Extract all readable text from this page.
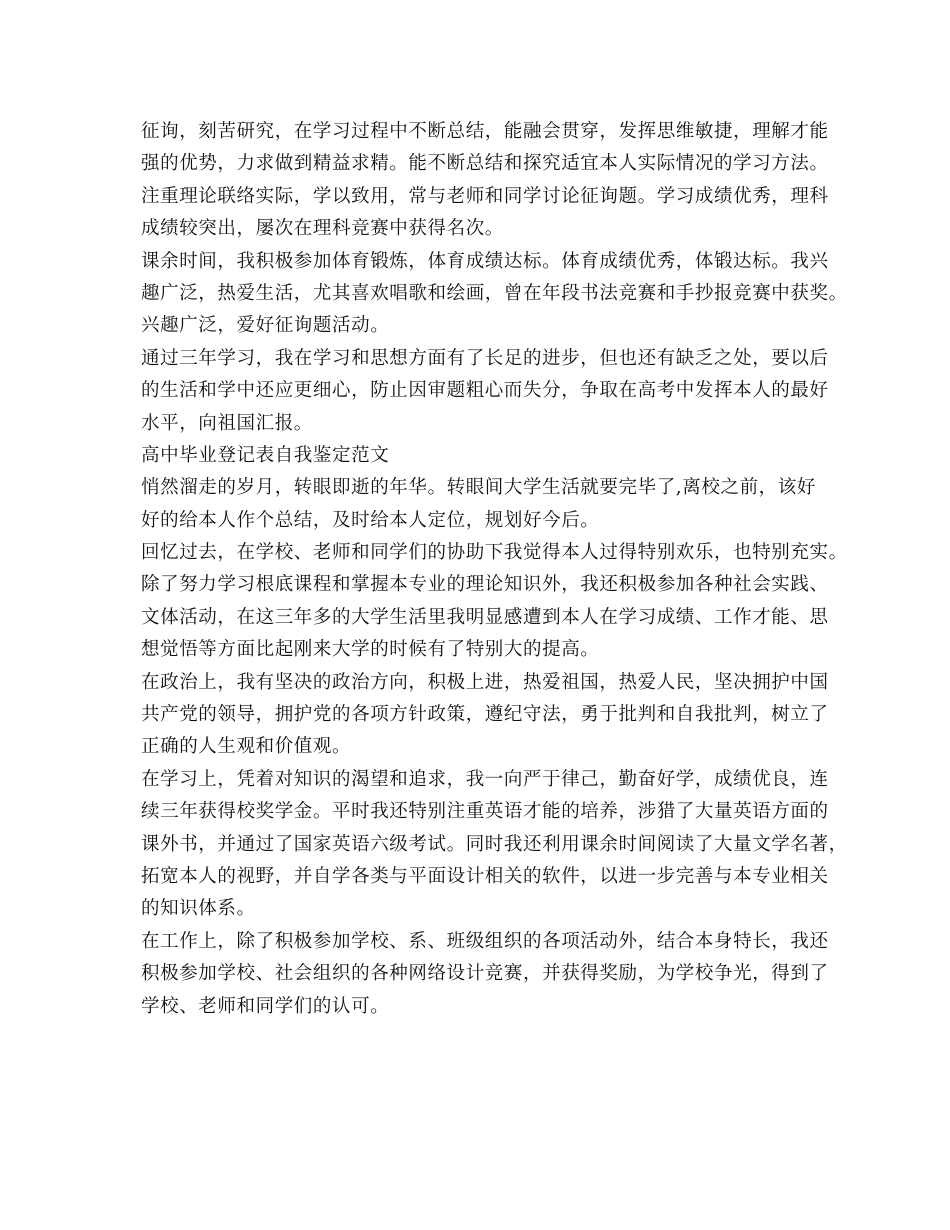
征询，刻苦研究，在学习过程中不断总结，能融会贯穿，发挥思维敏捷，理解才能
强的优势，力求做到精益求精。能不断总结和探究适宜本人实际情况的学习方法。
注重理论联络实际，学以致用，常与老师和同学讨论征询题。学习成绩优秀，理科
成绩较突出，屡次在理科竞赛中获得名次。
课余时间，我积极参加体育锻炼，体育成绩达标。体育成绩优秀，体锻达标。我兴
趣广泛，热爱生活，尤其喜欢唱歌和绘画，曾在年段书法竞赛和手抄报竞赛中获奖。
兴趣广泛，爱好征询题活动。
通过三年学习，我在学习和思想方面有了长足的进步，但也还有缺乏之处，要以后
的生活和学中还应更细心，防止因审题粗心而失分，争取在高考中发挥本人的最好
水平，向祖国汇报。
高中毕业登记表自我鉴定范文
悄然溜走的岁月，转眼即逝的年华。转眼间大学生活就要完毕了,离校之前，该好
好的给本人作个总结，及时给本人定位，规划好今后。
回忆过去，在学校、老师和同学们的协助下我觉得本人过得特别欢乐，也特别充实。
除了努力学习根底课程和掌握本专业的理论知识外，我还积极参加各种社会实践、
文体活动，在这三年多的大学生活里我明显感遭到本人在学习成绩、工作才能、思
想觉悟等方面比起刚来大学的时候有了特别大的提高。
在政治上，我有坚决的政治方向，积极上进，热爱祖国，热爱人民，坚决拥护中国
共产党的领导，拥护党的各项方针政策，遵纪守法，勇于批判和自我批判，树立了
正确的人生观和价值观。
在学习上，凭着对知识的渴望和追求，我一向严于律己，勤奋好学，成绩优良，连
续三年获得校奖学金。平时我还特别注重英语才能的培养，涉猎了大量英语方面的
课外书，并通过了国家英语六级考试。同时我还利用课余时间阅读了大量文学名著，
拓宽本人的视野，并自学各类与平面设计相关的软件，以进一步完善与本专业相关
的知识体系。
在工作上，除了积极参加学校、系、班级组织的各项活动外，结合本身特长，我还
积极参加学校、社会组织的各种网络设计竞赛，并获得奖励，为学校争光，得到了
学校、老师和同学们的认可。
